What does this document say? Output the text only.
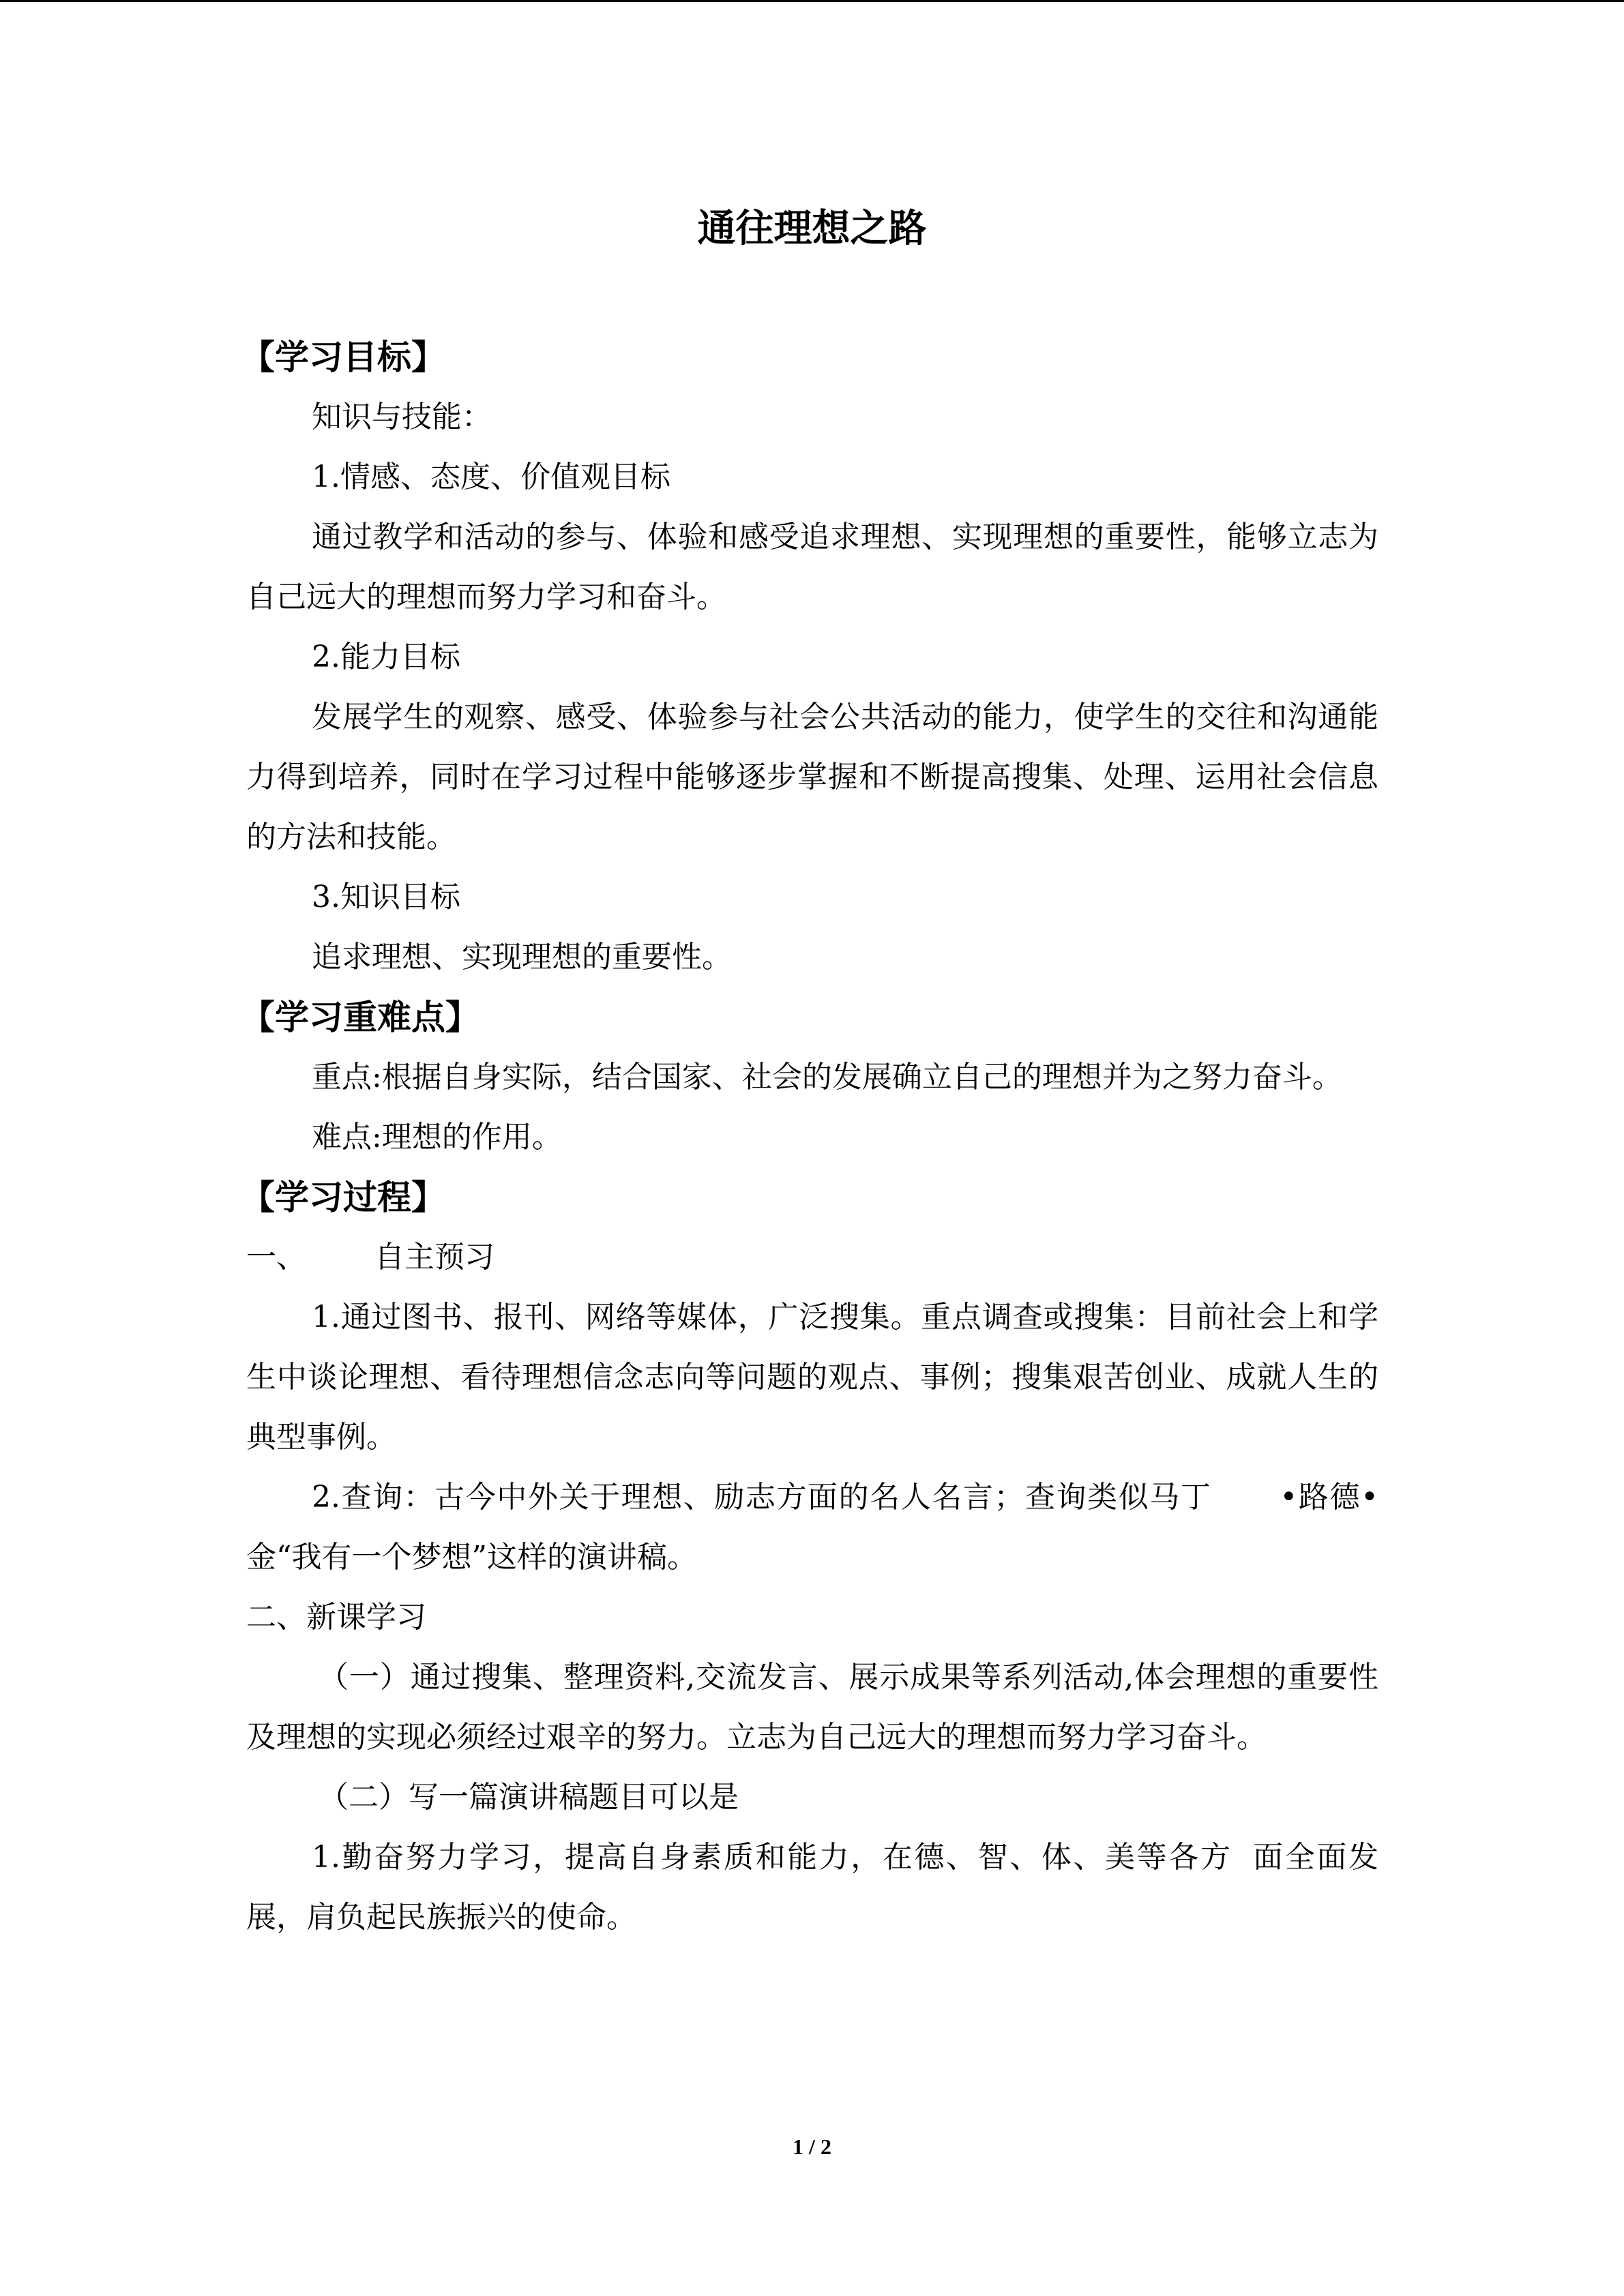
通往理想之路
【学习目标】
知识与技能：
1.情感、态度、价值观目标
通过教学和活动的参与、体验和感受追求理想、实现理想的重要性，能够立志为自己远大的理想而努力学习和奋斗。
2.能力目标
发展学生的观察、感受、体验参与社会公共活动的能力，使学生的交往和沟通能力得到培养，同时在学习过程中能够逐步掌握和不断提高搜集、处理、运用社会信息的方法和技能。
3.知识目标
追求理想、实现理想的重要性。
【学习重难点】
重点:根据自身实际，结合国家、社会的发展确立自己的理想并为之努力奋斗。
难点:理想的作用。
【学习过程】
一、 自主预习
1.通过图书、报刊、网络等媒体，广泛搜集。重点调查或搜集：目前社会上和学生中谈论理想、看待理想信念志向等问题的观点、事例；搜集艰苦创业、成就人生的典型事例。
2.查询：古今中外关于理想、励志方面的名人名言；查询类似马丁 •路德•金“我有一个梦想”这样的演讲稿。
二、新课学习
（一）通过搜集、整理资料,交流发言、展示成果等系列活动,体会理想的重要性及理想的实现必须经过艰辛的努力。立志为自己远大的理想而努力学习奋斗。
（二）写一篇演讲稿题目可以是
1.勤奋努力学习，提高自身素质和能力，在德、智、体、美等各方 面全面发展，肩负起民族振兴的使命。
1 / 2
